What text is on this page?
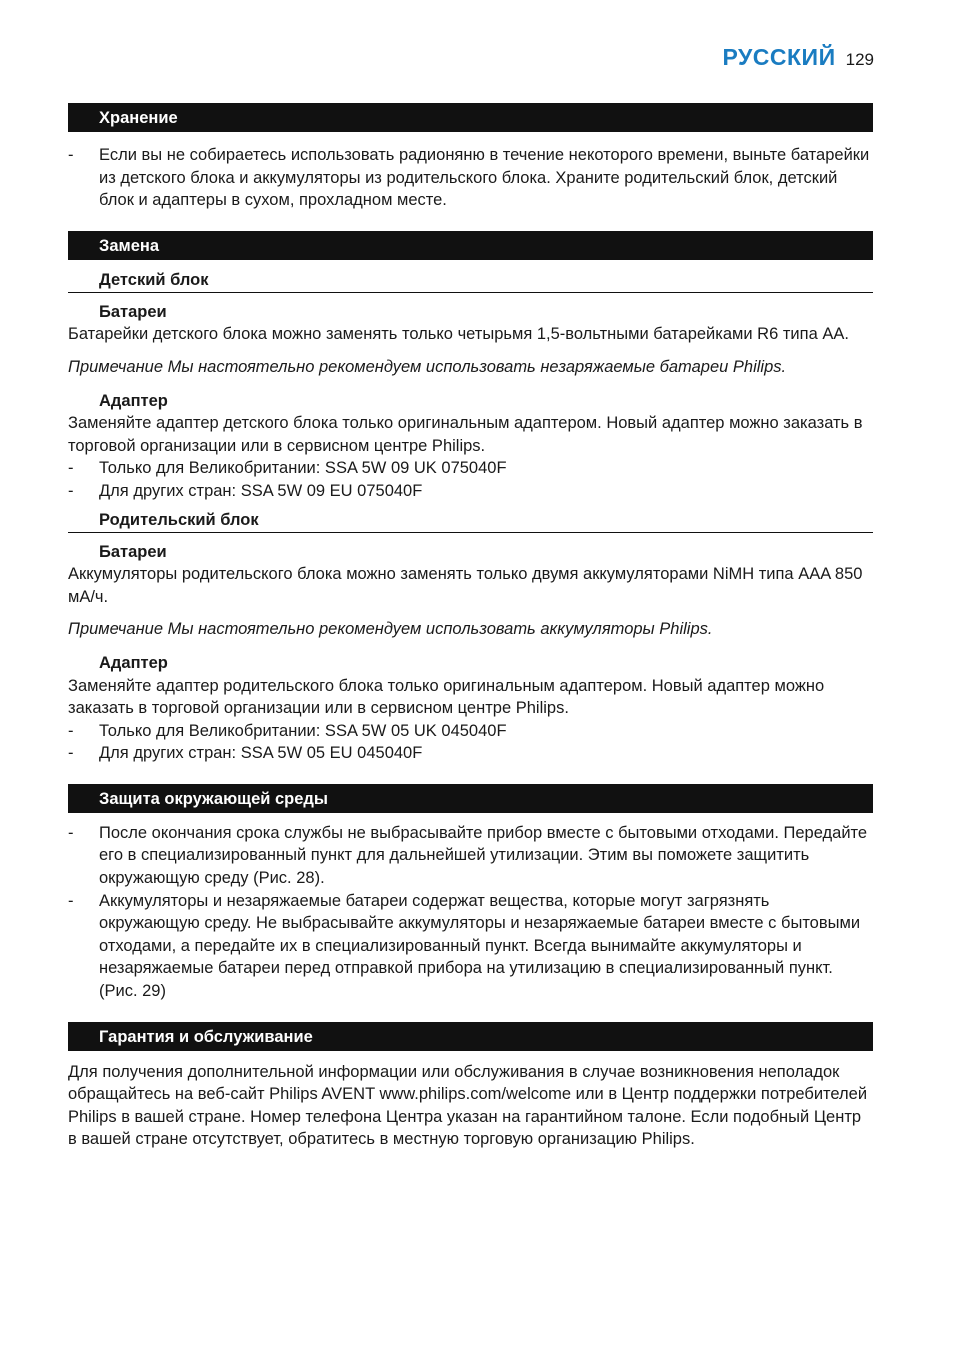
РУССКИЙ 129
Хранение
-	Если вы не собираетесь использовать радионяню в течение некоторого времени, выньте батарейки из детского блока и аккумуляторы из родительского блока. Храните родительский блок, детский блок и адаптеры в сухом, прохладном месте.
Замена
Детский блок
Батареи

Батарейки детского блока можно заменять только четырьмя 1,5-вольтными батарейками R6 типа АА.

Примечание Мы настоятельно рекомендуем использовать незаряжаемые батареи Philips.

Адаптер

Заменяйте адаптер детского блока только оригинальным адаптером. Новый адаптер можно заказать в торговой организации или в сервисном центре Philips.

-	Только для Великобритании: SSA 5W 09 UK 075040F
-	Для других стран: SSA 5W 09 EU 075040F
Родительский блок
Батареи

Аккумуляторы родительского блока можно заменять только двумя аккумуляторами NiMH типа AAA 850 мА/ч.

Примечание Мы настоятельно рекомендуем использовать аккумуляторы Philips.

Адаптер

Заменяйте адаптер родительского блока только оригинальным адаптером. Новый адаптер можно заказать в торговой организации или в сервисном центре Philips.

-	Только для Великобритании: SSA 5W 05 UK 045040F
-	Для других стран: SSA 5W 05 EU 045040F
Защита окружающей среды
-	После окончания срока службы не выбрасывайте прибор вместе с бытовыми отходами. Передайте его в специализированный пункт для дальнейшей утилизации. Этим вы поможете защитить окружающую среду (Рис. 28).
-	Аккумуляторы и незаряжаемые батареи содержат вещества, которые могут загрязнять окружающую среду. Не выбрасывайте аккумуляторы и незаряжаемые батареи вместе с бытовыми отходами, а передайте их в специализированный пункт. Всегда вынимайте аккумуляторы и незаряжаемые батареи перед отправкой прибора на утилизацию в специализированный пункт. (Рис. 29)
Гарантия и обслуживание

Для получения дополнительной информации или обслуживания в случае возникновения неполадок обращайтесь на веб-сайт Philips AVENT www.philips.com/welcome или в Центр поддержки потребителей Philips в вашей стране. Номер телефона Центра указан на гарантийном талоне. Если подобный Центр в вашей стране отсутствует, обратитесь в местную торговую организацию Philips.
